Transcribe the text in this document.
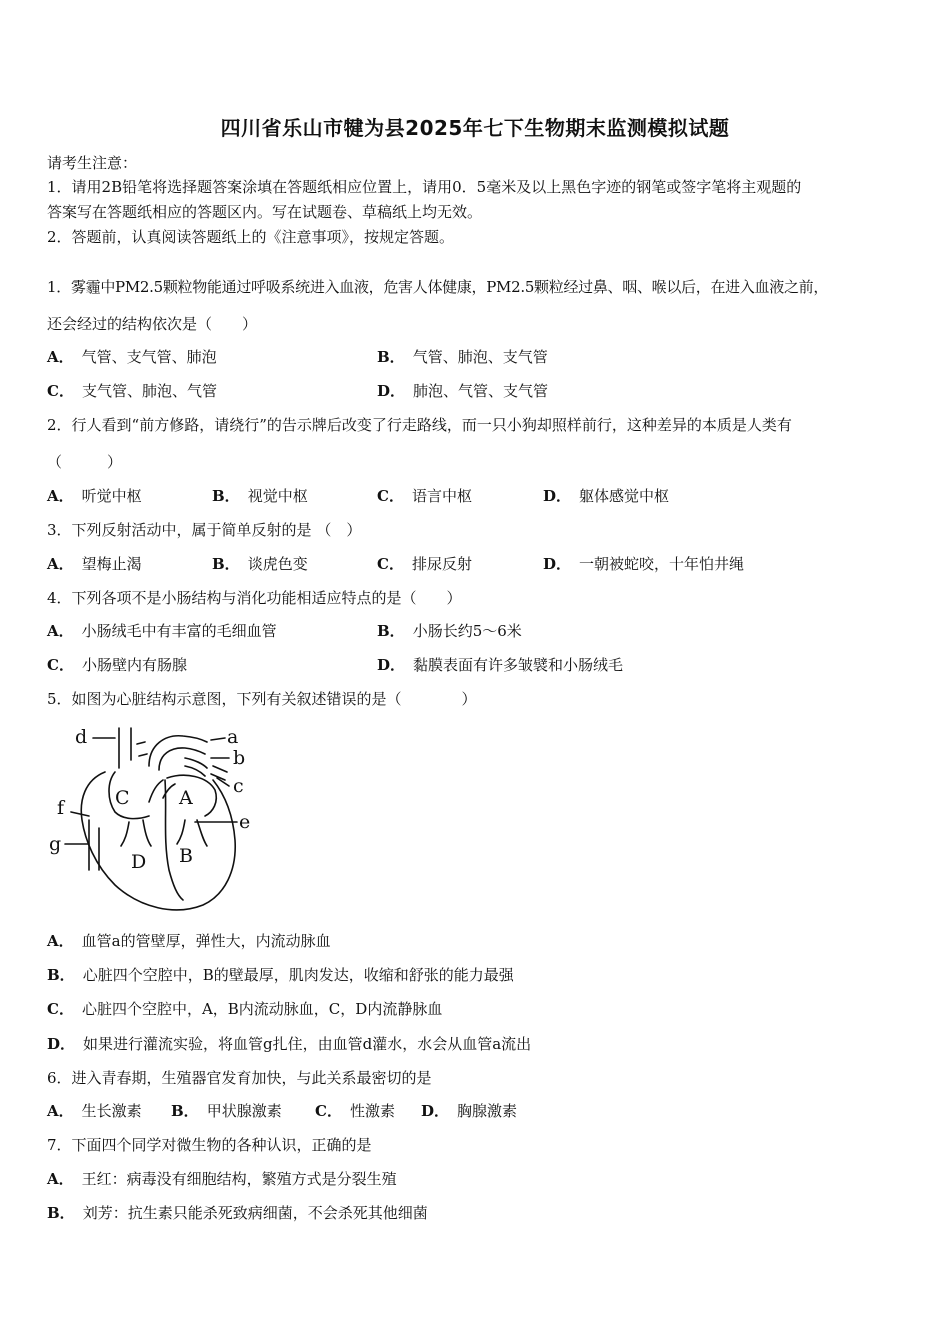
四川省乐山市犍为县2025年七下生物期末监测模拟试题
请考生注意：
1．请用2B铅笔将选择题答案涂填在答题纸相应位置上，请用0．5毫米及以上黑色字迹的钢笔或签字笔将主观题的
答案写在答题纸相应的答题区内。写在试题卷、草稿纸上均无效。
2．答题前，认真阅读答题纸上的《注意事项》，按规定答题。
1．雾霾中PM2.5颗粒物能通过呼吸系统进入血液，危害人体健康，PM2.5颗粒经过鼻、咽、喉以后，在进入血液之前，
还会经过的结构依次是（　　）
A． 气管、支气管、肺泡	B． 气管、肺泡、支气管
C． 支气管、肺泡、气管	D． 肺泡、气管、支气管
2．行人看到“前方修路，请绕行”的告示牌后改变了行走路线，而一只小狗却照样前行，这种差异的本质是人类有
（　　　）
A． 听觉中枢	B． 视觉中枢	C． 语言中枢	D． 躯体感觉中枢
3．下列反射活动中，属于简单反射的是 （　）
A． 望梅止渴	B． 谈虎色变	C． 排尿反射	D． 一朝被蛇咬，十年怕井绳
4．下列各项不是小肠结构与消化功能相适应特点的是（　　）
A． 小肠绒毛中有丰富的毛细血管	B． 小肠长约5～6米
C． 小肠壁内有肠腺	D． 黏膜表面有许多皱襞和小肠绒毛
5．如图为心脏结构示意图，下列有关叙述错误的是（　　　　）
d	a
b
c
f
e
g
C	A
D B
A． 血管a的管壁厚，弹性大，内流动脉血
B． 心脏四个空腔中，B的壁最厚，肌肉发达，收缩和舒张的能力最强
C． 心脏四个空腔中，A，B内流动脉血，C，D内流静脉血
D． 如果进行灌流实验，将血管g扎住，由血管d灌水，水会从血管a流出
6．进入青春期，生殖器官发育加快，与此关系最密切的是
A． 生长激素 B． 甲状腺激素 C． 性激素 D． 胸腺激素
7．下面四个同学对微生物的各种认识，正确的是
A． 王红：病毒没有细胞结构，繁殖方式是分裂生殖
B． 刘芳：抗生素只能杀死致病细菌，不会杀死其他细菌
